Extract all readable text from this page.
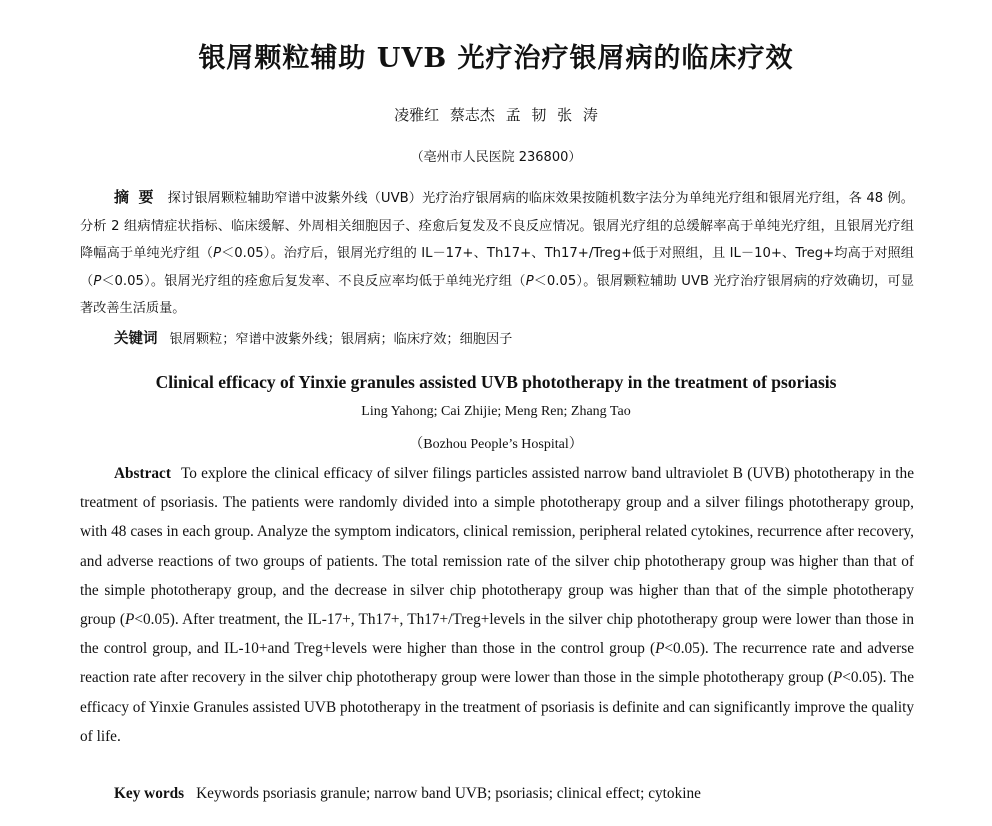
银屑颗粒辅助 UVB 光疗治疗银屑病的临床疗效
凌雅红 蔡志杰 孟 韧 张 涛
（亳州市人民医院 236800）
摘 要 探讨银屑颗粒辅助窄谱中波紫外线（UVB）光疗治疗银屑病的临床效果按随机数字法分为单纯光疗组和银屑光疗组，各 48 例。分析 2 组病情症状指标、临床缓解、外周相关细胞因子、痊愈后复发及不良反应情况。银屑光疗组的总缓解率高于单纯光疗组，且银屑光疗组降幅高于单纯光疗组（P＜0.05）。治疗后，银屑光疗组的 IL－17+、Th17+、Th17+/Treg+低于对照组，且 IL－10+、Treg+均高于对照组（P＜0.05）。银屑光疗组的痊愈后复发率、不良反应率均低于单纯光疗组（P＜0.05）。银屑颗粒辅助 UVB 光疗治疗银屑病的疗效确切，可显著改善生活质量。
关键词 银屑颗粒；窄谱中波紫外线；银屑病；临床疗效；细胞因子
Clinical efficacy of Yinxie granules assisted UVB phototherapy in the treatment of psoriasis
Ling Yahong; Cai Zhijie; Meng Ren; Zhang Tao
（Bozhou People’s Hospital）
Abstract To explore the clinical efficacy of silver filings particles assisted narrow band ultraviolet B (UVB) phototherapy in the treatment of psoriasis. The patients were randomly divided into a simple phototherapy group and a silver filings phototherapy group, with 48 cases in each group. Analyze the symptom indicators, clinical remission, peripheral related cytokines, recurrence after recovery, and adverse reactions of two groups of patients. The total remission rate of the silver chip phototherapy group was higher than that of the simple phototherapy group, and the decrease in silver chip phototherapy group was higher than that of the simple phototherapy group (P<0.05). After treatment, the IL-17+, Th17+, Th17+/Treg+levels in the silver chip phototherapy group were lower than those in the control group, and IL-10+and Treg+levels were higher than those in the control group (P<0.05). The recurrence rate and adverse reaction rate after recovery in the silver chip phototherapy group were lower than those in the simple phototherapy group (P<0.05). The efficacy of Yinxie Granules assisted UVB phototherapy in the treatment of psoriasis is definite and can significantly improve the quality of life.
Key words Keywords psoriasis granule; narrow band UVB; psoriasis; clinical effect; cytokine
